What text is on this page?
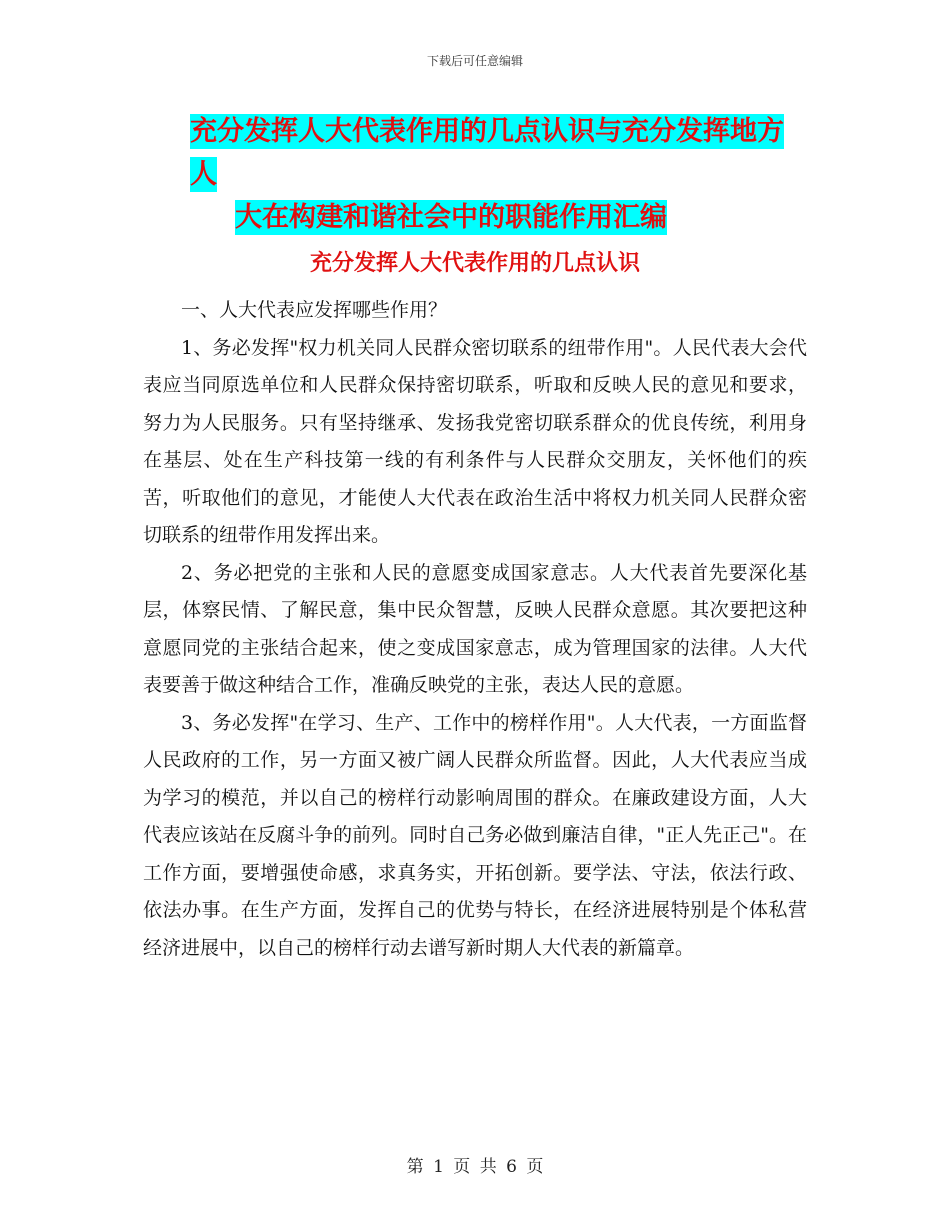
下载后可任意编辑
充分发挥人大代表作用的几点认识与充分发挥地方人
大在构建和谐社会中的职能作用汇编
充分发挥人大代表作用的几点认识

一、人大代表应发挥哪些作用？

1、务必发挥"权力机关同人民群众密切联系的纽带作用"。人民代表大会代表应当同原选单位和人民群众保持密切联系，听取和反映人民的意见和要求，努力为人民服务。只有坚持继承、发扬我党密切联系群众的优良传统，利用身在基层、处在生产科技第一线的有利条件与人民群众交朋友，关怀他们的疾苦，听取他们的意见，才能使人大代表在政治生活中将权力机关同人民群众密切联系的纽带作用发挥出来。

2、务必把党的主张和人民的意愿变成国家意志。人大代表首先要深化基层，体察民情、了解民意，集中民众智慧，反映人民群众意愿。其次要把这种意愿同党的主张结合起来，使之变成国家意志，成为管理国家的法律。人大代表要善于做这种结合工作，准确反映党的主张，表达人民的意愿。

3、务必发挥"在学习、生产、工作中的榜样作用"。人大代表，一方面监督人民政府的工作，另一方面又被广阔人民群众所监督。因此，人大代表应当成为学习的模范，并以自己的榜样行动影响周围的群众。在廉政建设方面，人大代表应该站在反腐斗争的前列。同时自己务必做到廉洁自律，"正人先正己"。在工作方面，要增强使命感，求真务实，开拓创新。要学法、守法，依法行政、依法办事。在生产方面，发挥自己的优势与特长，在经济进展特别是个体私营经济进展中，以自己的榜样行动去谱写新时期人大代表的新篇章。

第 1 页 共 6 页
